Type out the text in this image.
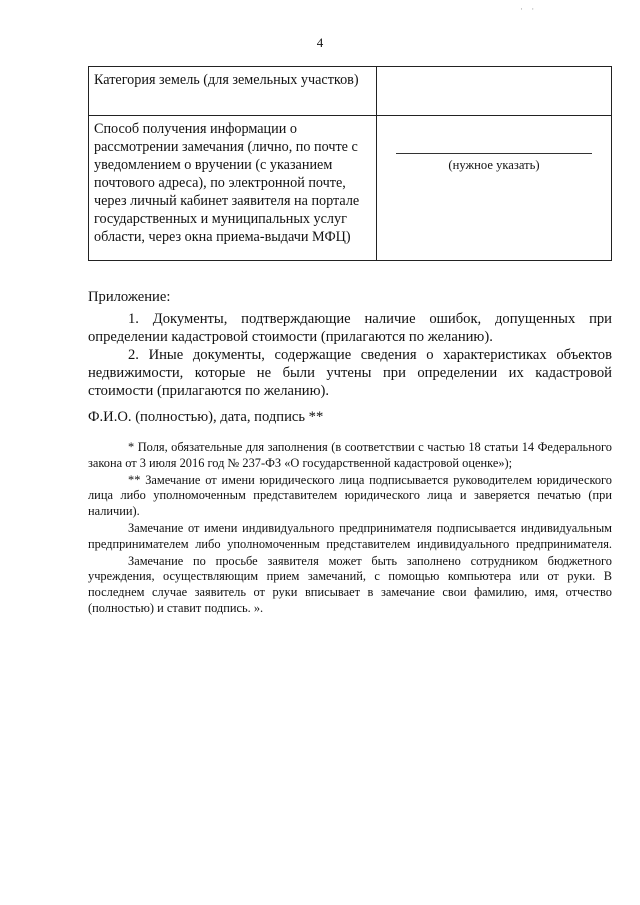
· ·
4
Категория земель (для земельных участков)	
Способ получения информации о рассмотрении замечания (лично, по почте с уведомлением о вручении (с указанием почтового адреса), по электронной почте, через личный кабинет заявителя на портале государственных и муниципальных услуг области, через окна приема-выдачи МФЦ)	(нужное указать)
Приложение:

1. Документы, подтверждающие наличие ошибок, допущенных при определении кадастровой стоимости (прилагаются по желанию).

2. Иные документы, содержащие сведения о характеристиках объектов недвижимости, которые не были учтены при определении их кадастровой стоимости (прилагаются по желанию).

Ф.И.О. (полностью), дата, подпись **

* Поля, обязательные для заполнения (в соответствии с частью 18 статьи 14 Федерального закона от 3 июля 2016 год № 237-ФЗ «О государственной кадастровой оценке»);

** Замечание от имени юридического лица подписывается руководителем юридического лица либо уполномоченным представителем юридического лица и заверяется печатью (при наличии).

Замечание от имени индивидуального предпринимателя подписывается индивидуальным предпринимателем либо уполномоченным представителем индивидуального предпринимателя.

Замечание по просьбе заявителя может быть заполнено сотрудником бюджетного учреждения, осуществляющим прием замечаний, с помощью компьютера или от руки. В последнем случае заявитель от руки вписывает в замечание свои фамилию, имя, отчество (полностью) и ставит подпись. ».
